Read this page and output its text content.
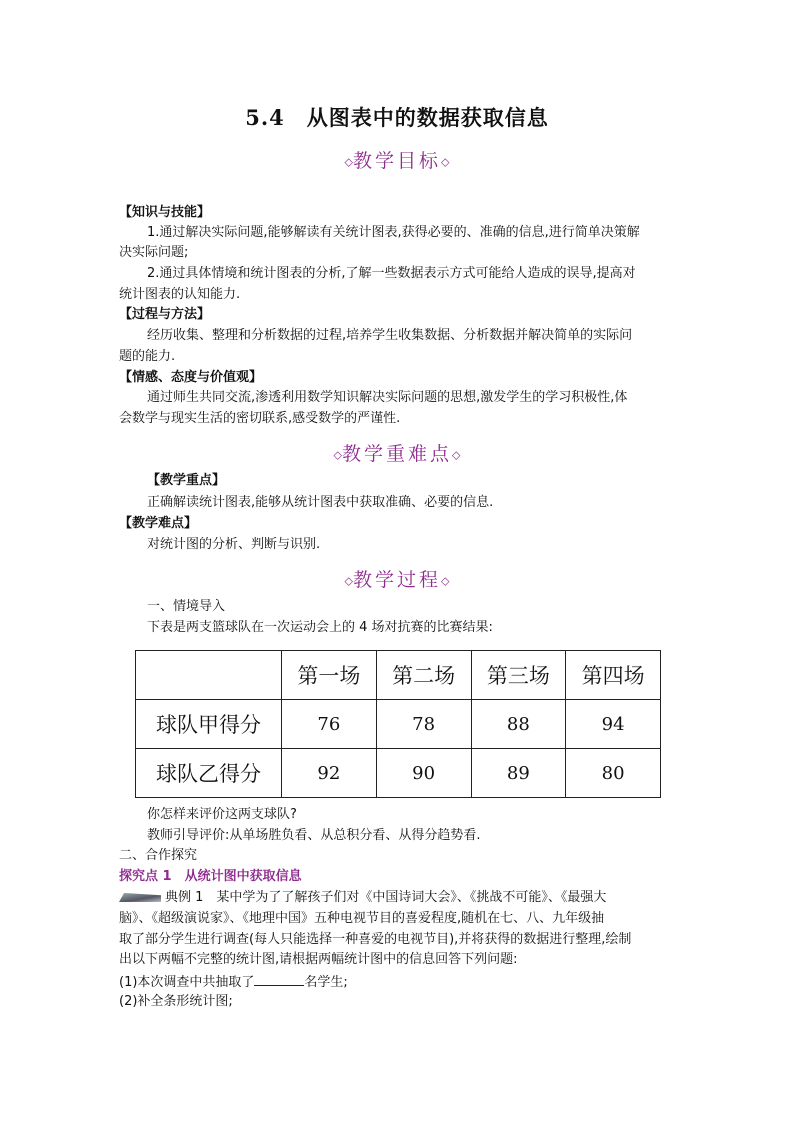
5.4　从图表中的数据获取信息
◇教学目标◇
【知识与技能】
1.通过解决实际问题,能够解读有关统计图表,获得必要的、准确的信息,进行简单决策解
决实际问题;
2.通过具体情境和统计图表的分析,了解一些数据表示方式可能给人造成的误导,提高对
统计图表的认知能力.
【过程与方法】
经历收集、整理和分析数据的过程,培养学生收集数据、分析数据并解决简单的实际问
题的能力.
【情感、态度与价值观】
通过师生共同交流,渗透利用数学知识解决实际问题的思想,激发学生的学习积极性,体
会数学与现实生活的密切联系,感受数学的严谨性.
◇教学重难点◇
【教学重点】
正确解读统计图表,能够从统计图表中获取准确、必要的信息.
【教学难点】
对统计图的分析、判断与识别.
◇教学过程◇
一、情境导入
下表是两支篮球队在一次运动会上的 4 场对抗赛的比赛结果:
	第一场	第二场	第三场	第四场
球队甲得分	76	78	88	94
球队乙得分	92	90	89	80
你怎样来评价这两支球队?
教师引导评价:从单场胜负看、从总积分看、从得分趋势看.
二、合作探究
探究点 1　从统计图中获取信息
典例 1　 某中学为了了解孩子们对《中国诗词大会》、《挑战不可能》、《最强大
脑》、《超级演说家》、《地理中国》五种电视节目的喜爱程度,随机在七、八、九年级抽
取了部分学生进行调查(每人只能选择一种喜爱的电视节目),并将获得的数据进行整理,绘制
出以下两幅不完整的统计图,请根据两幅统计图中的信息回答下列问题:
(1)本次调查中共抽取了	名学生;
(2)补全条形统计图;
